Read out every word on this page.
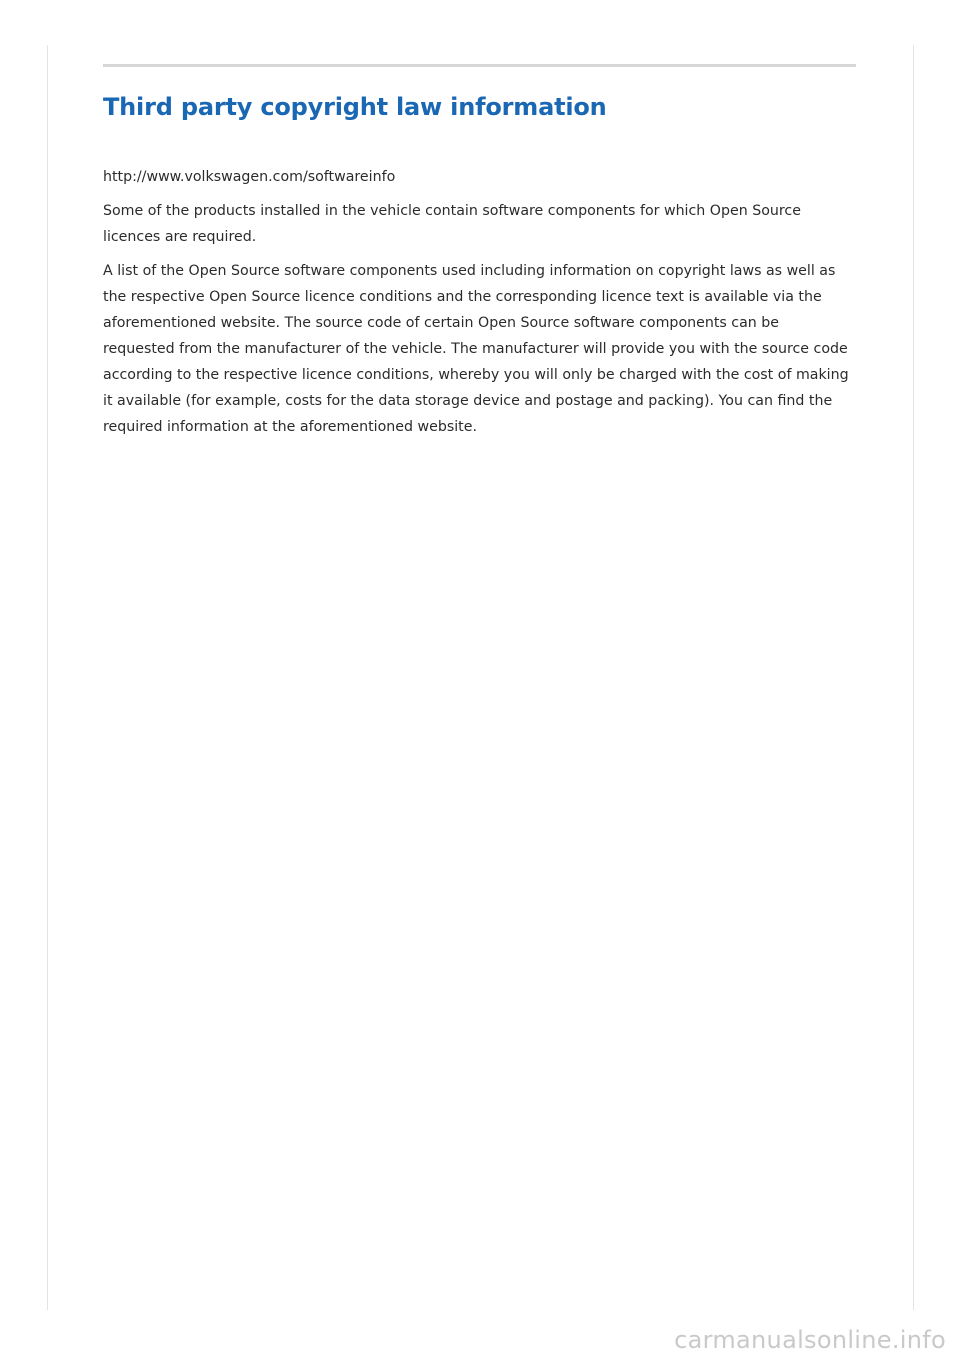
Third party copyright law information

http://www.volkswagen.com/softwareinfo

Some of the products installed in the vehicle contain software components for which Open Source licences are required.

A list of the Open Source software components used including information on copyright laws as well as the respective Open Source licence conditions and the corresponding licence text is available via the aforementioned website. The source code of certain Open Source software components can be requested from the manufacturer of the vehicle. The manufacturer will provide you with the source code according to the respective licence conditions, whereby you will only be charged with the cost of making it available (for example, costs for the data storage device and postage and packing). You can find the required information at the aforementioned website.

carmanualsonline.info
